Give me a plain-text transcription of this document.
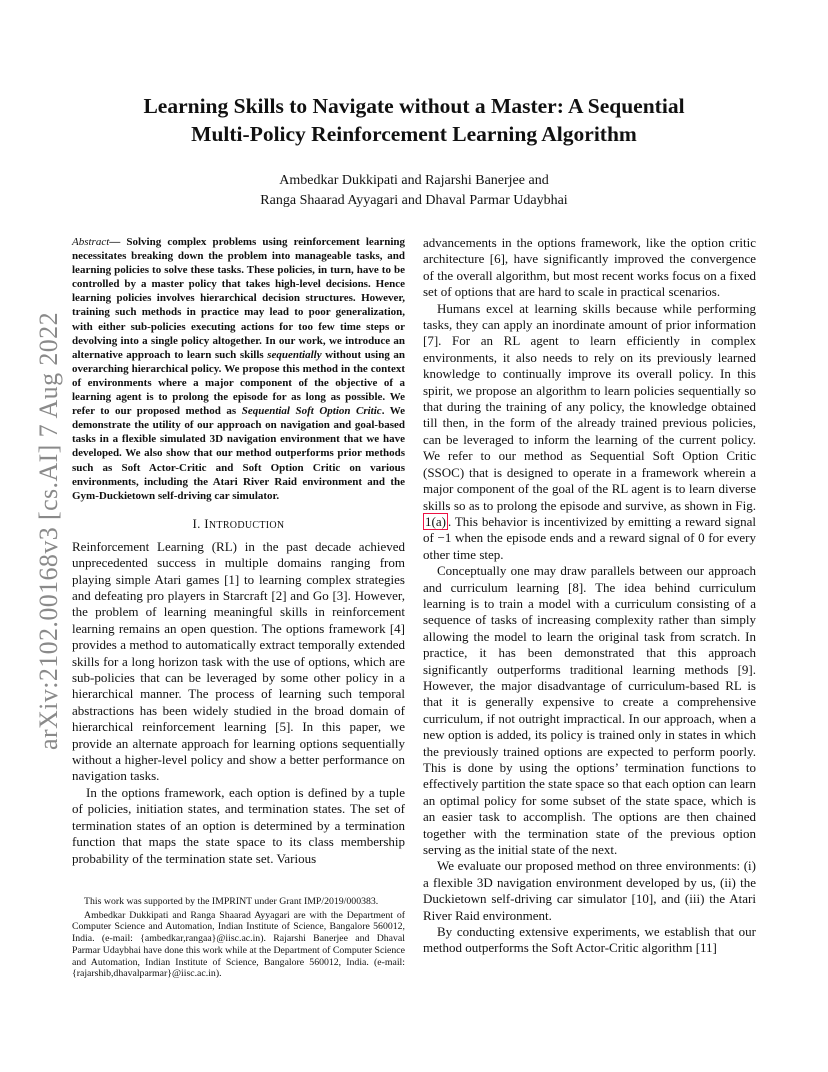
arXiv:2102.00168v3 [cs.AI] 7 Aug 2022
Learning Skills to Navigate without a Master: A Sequential
Multi-Policy Reinforcement Learning Algorithm
Ambedkar Dukkipati and Rajarshi Banerjee and
Ranga Shaarad Ayyagari and Dhaval Parmar Udaybhai

Abstract— Solving complex problems using reinforcement learning necessitates breaking down the problem into manageable tasks, and learning policies to solve these tasks. These policies, in turn, have to be controlled by a master policy that takes high-level decisions. Hence learning policies involves hierarchical decision structures. However, training such methods in practice may lead to poor generalization, with either sub-policies executing actions for too few time steps or devolving into a single policy altogether. In our work, we introduce an alternative approach to learn such skills sequentially without using an overarching hierarchical policy. We propose this method in the context of environments where a major component of the objective of a learning agent is to prolong the episode for as long as possible. We refer to our proposed method as Sequential Soft Option Critic. We demonstrate the utility of our approach on navigation and goal-based tasks in a flexible simulated 3D navigation environment that we have developed. We also show that our method outperforms prior methods such as Soft Actor-Critic and Soft Option Critic on various environments, including the Atari River Raid environment and the Gym-Duckietown self-driving car simulator.

I. INTRODUCTION

Reinforcement Learning (RL) in the past decade achieved unprecedented success in multiple domains ranging from playing simple Atari games [1] to learning complex strategies and defeating pro players in Starcraft [2] and Go [3]. However, the problem of learning meaningful skills in reinforcement learning remains an open question. The options framework [4] provides a method to automatically extract temporally extended skills for a long horizon task with the use of options, which are sub-policies that can be leveraged by some other policy in a hierarchical manner. The process of learning such temporal abstractions has been widely studied in the broad domain of hierarchical reinforcement learning [5]. In this paper, we provide an alternate approach for learning options sequentially without a higher-level policy and show a better performance on navigation tasks.

In the options framework, each option is defined by a tuple of policies, initiation states, and termination states. The set of termination states of an option is determined by a termination function that maps the state space to its class membership probability of the termination state set. Various

This work was supported by the IMPRINT under Grant IMP/2019/000383.

Ambedkar Dukkipati and Ranga Shaarad Ayyagari are with the Department of Computer Science and Automation, Indian Institute of Science, Bangalore 560012, India. (e-mail: {ambedkar,rangaa}@iisc.ac.in). Rajarshi Banerjee and Dhaval Parmar Udaybhai have done this work while at the Department of Computer Science and Automation, Indian Institute of Science, Bangalore 560012, India. (e-mail: {rajarshib,dhavalparmar}@iisc.ac.in).

advancements in the options framework, like the option critic architecture [6], have significantly improved the convergence of the overall algorithm, but most recent works focus on a fixed set of options that are hard to scale in practical scenarios.

Humans excel at learning skills because while performing tasks, they can apply an inordinate amount of prior information [7]. For an RL agent to learn efficiently in complex environments, it also needs to rely on its previously learned knowledge to continually improve its overall policy. In this spirit, we propose an algorithm to learn policies sequentially so that during the training of any policy, the knowledge obtained till then, in the form of the already trained previous policies, can be leveraged to inform the learning of the current policy. We refer to our method as Sequential Soft Option Critic (SSOC) that is designed to operate in a framework wherein a major component of the goal of the RL agent is to learn diverse skills so as to prolong the episode and survive, as shown in Fig. 1(a) . This behavior is incentivized by emitting a reward signal of −1 when the episode ends and a reward signal of 0 for every other time step.

Conceptually one may draw parallels between our approach and curriculum learning [8]. The idea behind curriculum learning is to train a model with a curriculum consisting of a sequence of tasks of increasing complexity rather than simply allowing the model to learn the original task from scratch. In practice, it has been demonstrated that this approach significantly outperforms traditional learning methods [9]. However, the major disadvantage of curriculum-based RL is that it is generally expensive to create a comprehensive curriculum, if not outright impractical. In our approach, when a new option is added, its policy is trained only in states in which the previously trained options are expected to perform poorly. This is done by using the options’ termination functions to effectively partition the state space so that each option can learn an optimal policy for some subset of the state space, which is an easier task to accomplish. The options are then chained together with the termination state of the previous option serving as the initial state of the next.

We evaluate our proposed method on three environments: (i) a flexible 3D navigation environment developed by us, (ii) the Duckietown self-driving car simulator [10], and (iii) the Atari River Raid environment.

By conducting extensive experiments, we establish that our method outperforms the Soft Actor-Critic algorithm [11]
